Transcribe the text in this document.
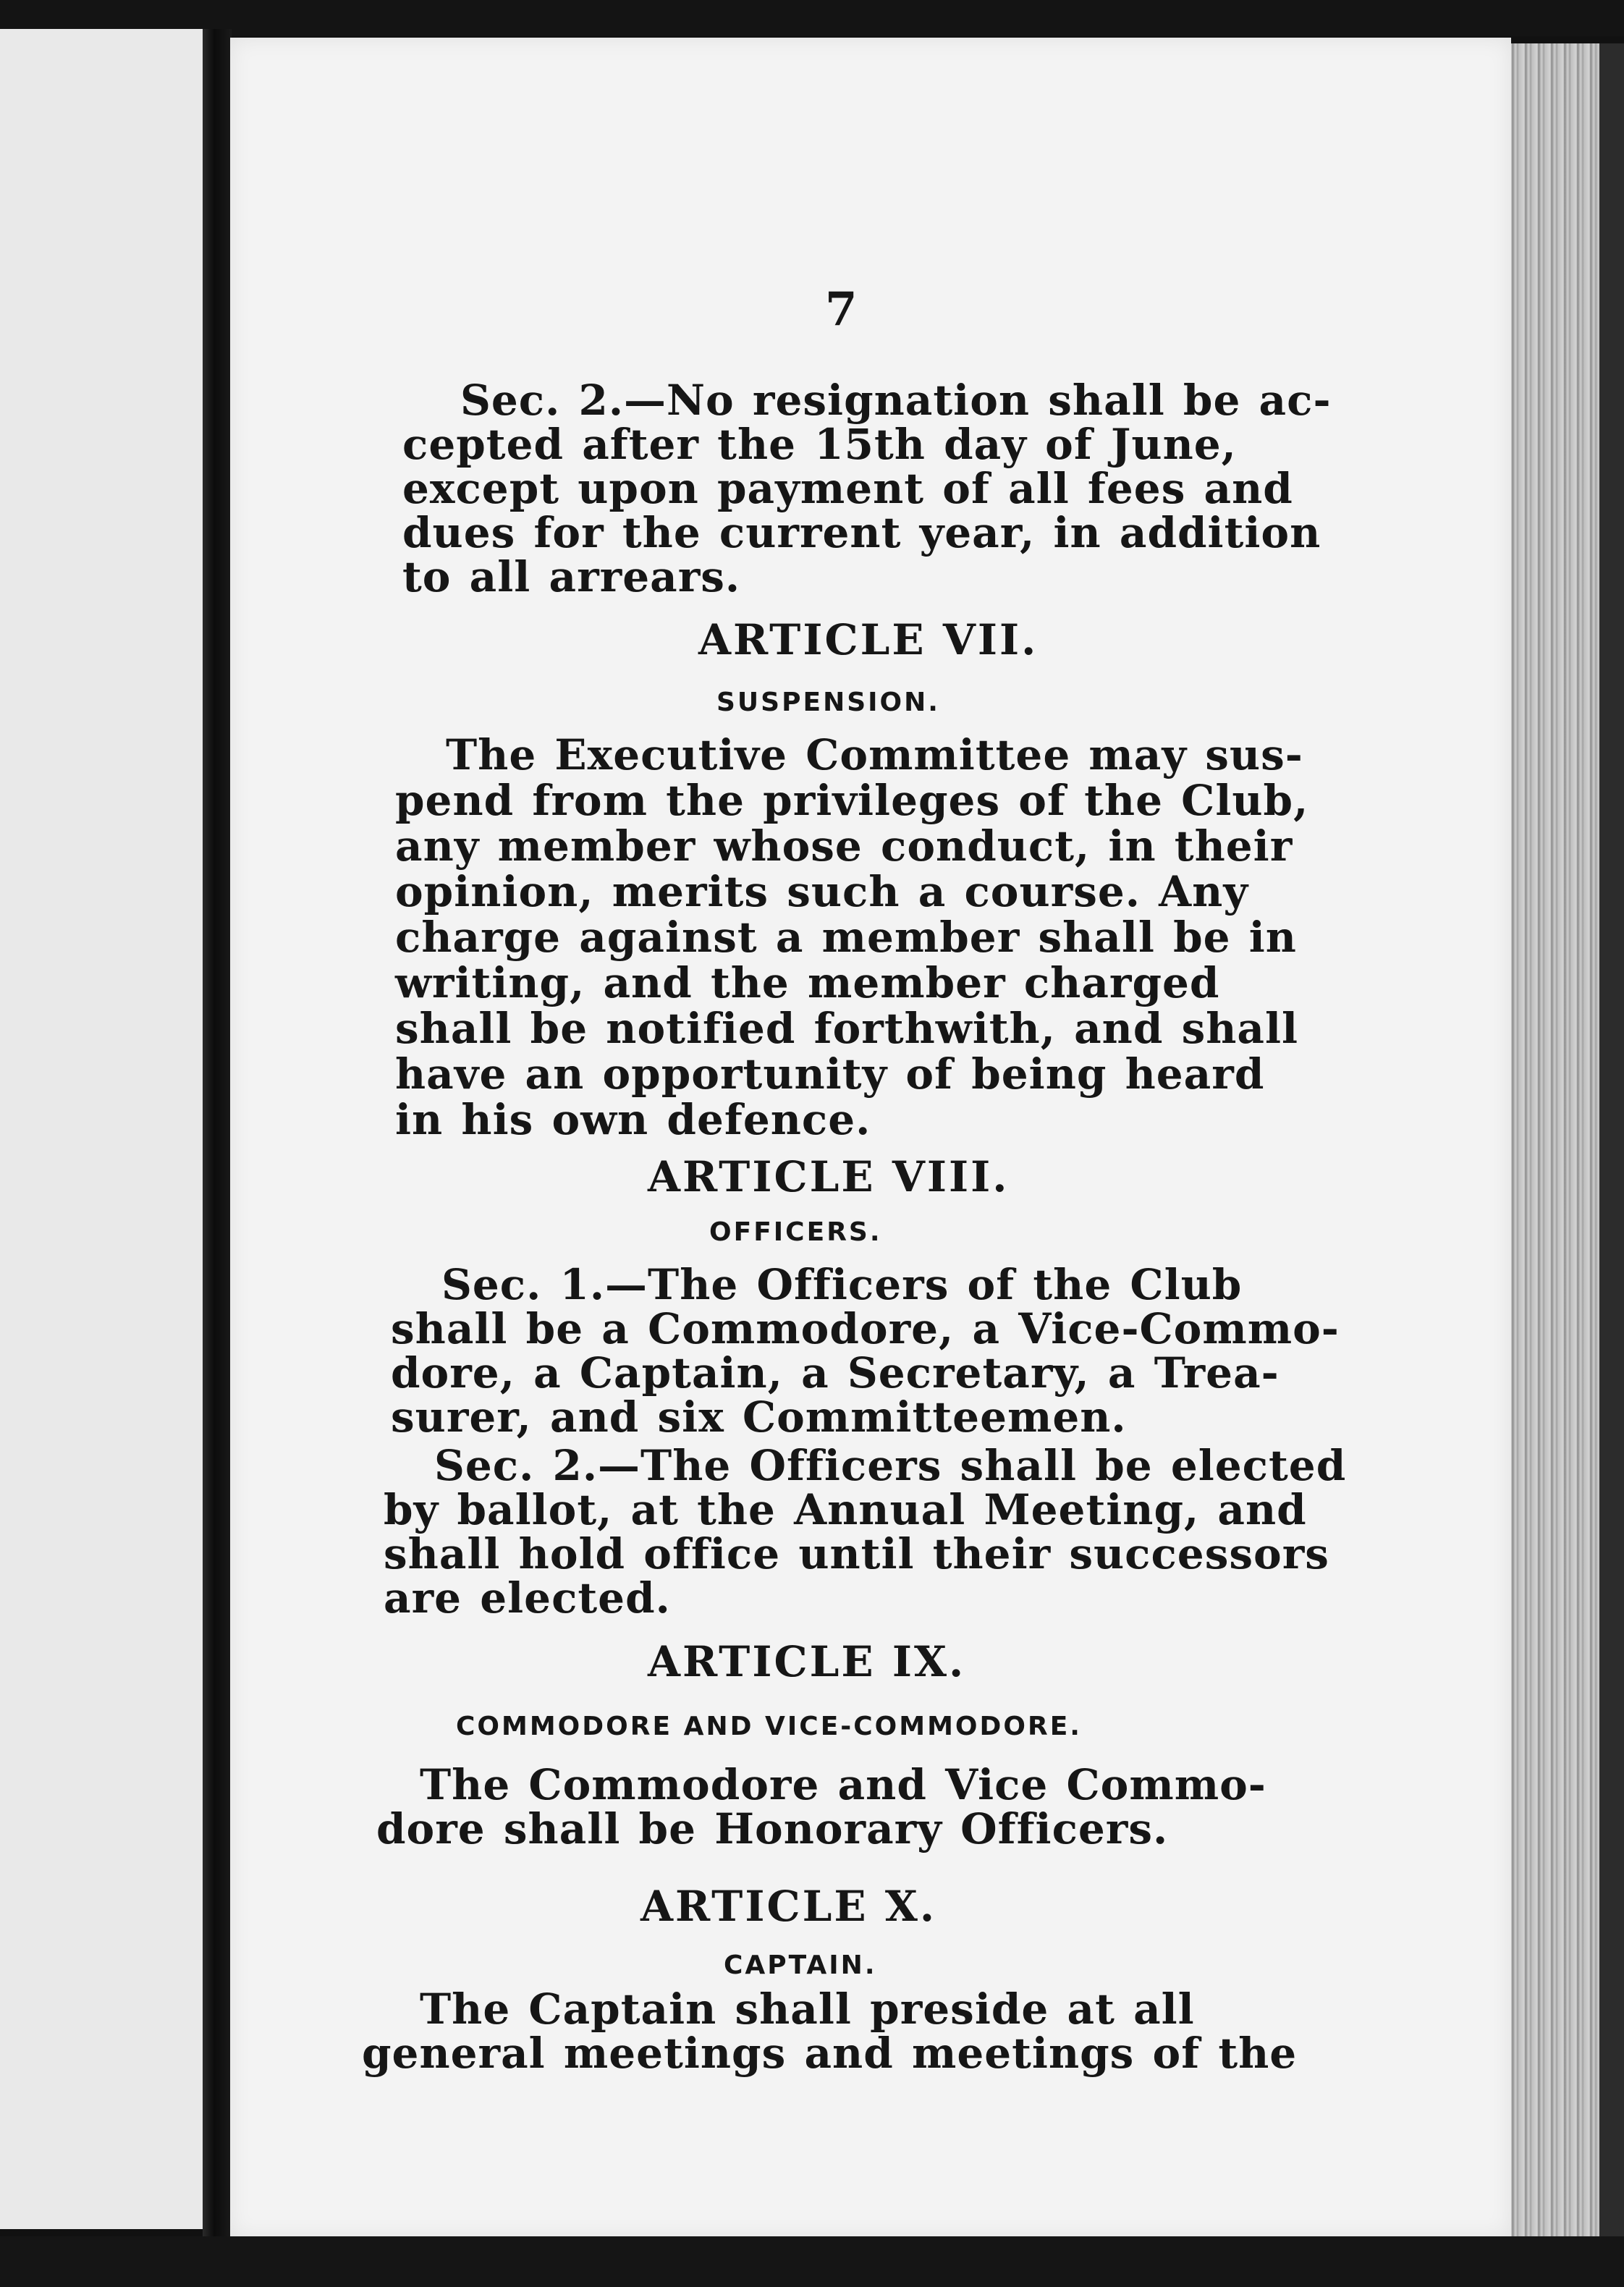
7
Sec. 2.—No resignation shall be ac-
cepted after the 15th day of June,
except upon payment of all fees and
dues for the current year, in addition
to all arrears.
ARTICLE VII.
SUSPENSION.
The Executive Committee may sus-
pend from the privileges of the Club,
any member whose conduct, in their
opinion, merits such a course. Any
charge against a member shall be in
writing, and the member charged
shall be notified forthwith, and shall
have an opportunity of being heard
in his own defence.
ARTICLE VIII.
OFFICERS.
Sec. 1.—The Officers of the Club
shall be a Commodore, a Vice-Commo-
dore, a Captain, a Secretary, a Trea-
surer, and six Committeemen.
Sec. 2.—The Officers shall be elected
by ballot, at the Annual Meeting, and
shall hold office until their successors
are elected.
ARTICLE IX.
COMMODORE AND VICE-COMMODORE.
The Commodore and Vice Commo-
dore shall be Honorary Officers.
ARTICLE X.
CAPTAIN.
The Captain shall preside at all
general meetings and meetings of the
